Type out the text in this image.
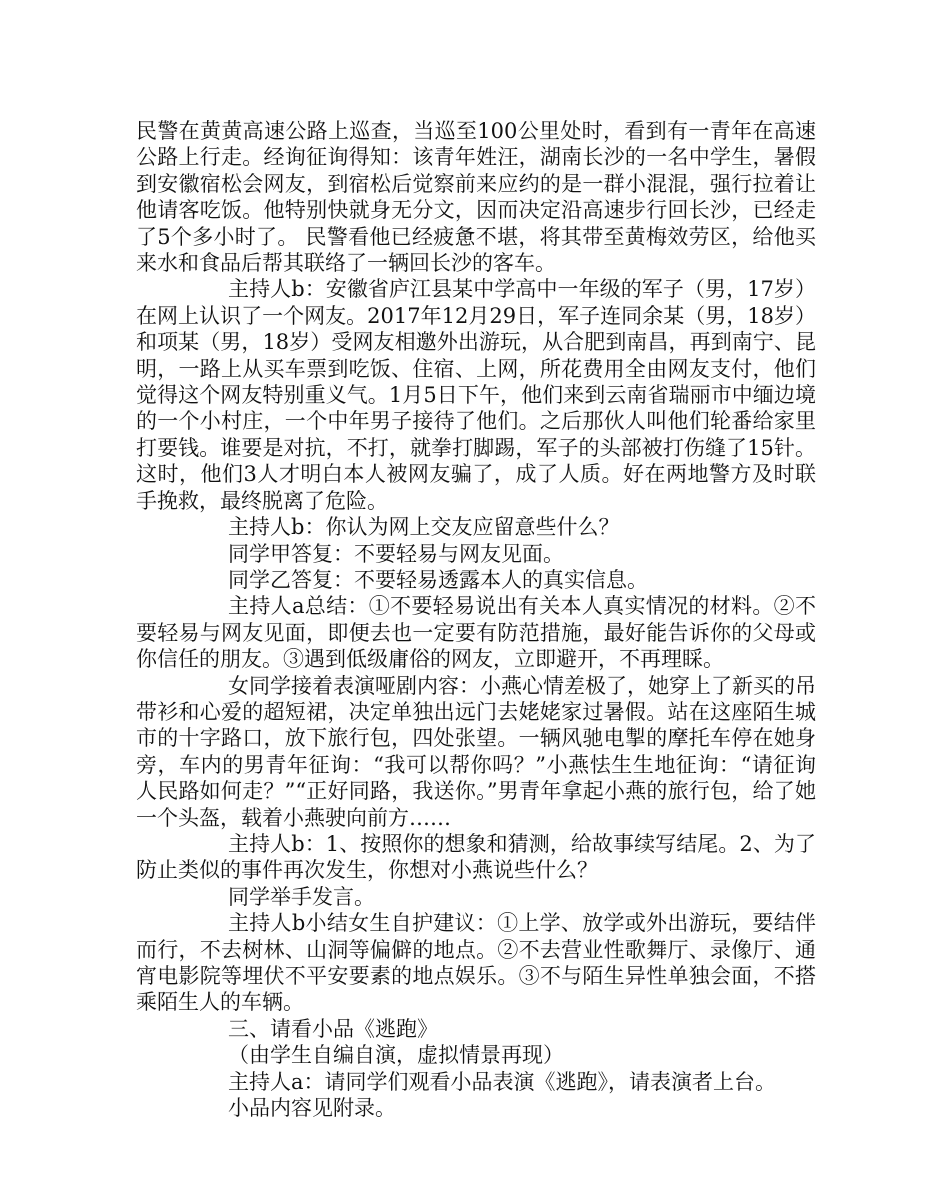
民警在黄黄高速公路上巡查，当巡至100公里处时，看到有一青年在高速公路上行走。经询征询得知：该青年姓汪，湖南长沙的一名中学生，暑假到安徽宿松会网友，到宿松后觉察前来应约的是一群小混混，强行拉着让他请客吃饭。他特别快就身无分文，因而决定沿高速步行回长沙，已经走了5个多小时了。 民警看他已经疲惫不堪，将其带至黄梅效劳区，给他买来水和食品后帮其联络了一辆回长沙的客车。

主持人b：安徽省庐江县某中学高中一年级的军子（男，17岁）在网上认识了一个网友。2017年12月29日，军子连同余某（男，18岁）和项某（男，18岁）受网友相邀外出游玩，从合肥到南昌，再到南宁、昆明，一路上从买车票到吃饭、住宿、上网，所花费用全由网友支付，他们觉得这个网友特别重义气。1月5日下午，他们来到云南省瑞丽市中缅边境的一个小村庄，一个中年男子接待了他们。之后那伙人叫他们轮番给家里打要钱。谁要是对抗，不打，就拳打脚踢，军子的头部被打伤缝了15针。这时，他们3人才明白本人被网友骗了，成了人质。好在两地警方及时联手挽救，最终脱离了危险。

主持人b：你认为网上交友应留意些什么？

同学甲答复：不要轻易与网友见面。

同学乙答复：不要轻易透露本人的真实信息。

主持人a总结：①不要轻易说出有关本人真实情况的材料。②不要轻易与网友见面，即便去也一定要有防范措施，最好能告诉你的父母或你信任的朋友。③遇到低级庸俗的网友，立即避开，不再理睬。

女同学接着表演哑剧内容：小燕心情差极了，她穿上了新买的吊带衫和心爱的超短裙，决定单独出远门去姥姥家过暑假。站在这座陌生城市的十字路口，放下旅行包，四处张望。一辆风驰电掣的摩托车停在她身旁，车内的男青年征询：“我可以帮你吗？”小燕怯生生地征询：“请征询人民路如何走？”“正好同路，我送你。”男青年拿起小燕的旅行包，给了她一个头盔，载着小燕驶向前方……

主持人b：1、按照你的想象和猜测，给故事续写结尾。2、为了防止类似的事件再次发生，你想对小燕说些什么？

同学举手发言。

主持人b小结女生自护建议：①上学、放学或外出游玩，要结伴而行，不去树林、山洞等偏僻的地点。②不去营业性歌舞厅、录像厅、通宵电影院等埋伏不平安要素的地点娱乐。③不与陌生异性单独会面，不搭乘陌生人的车辆。

三、请看小品《逃跑》

（由学生自编自演，虚拟情景再现）

主持人a：请同学们观看小品表演《逃跑》，请表演者上台。

小品内容见附录。
